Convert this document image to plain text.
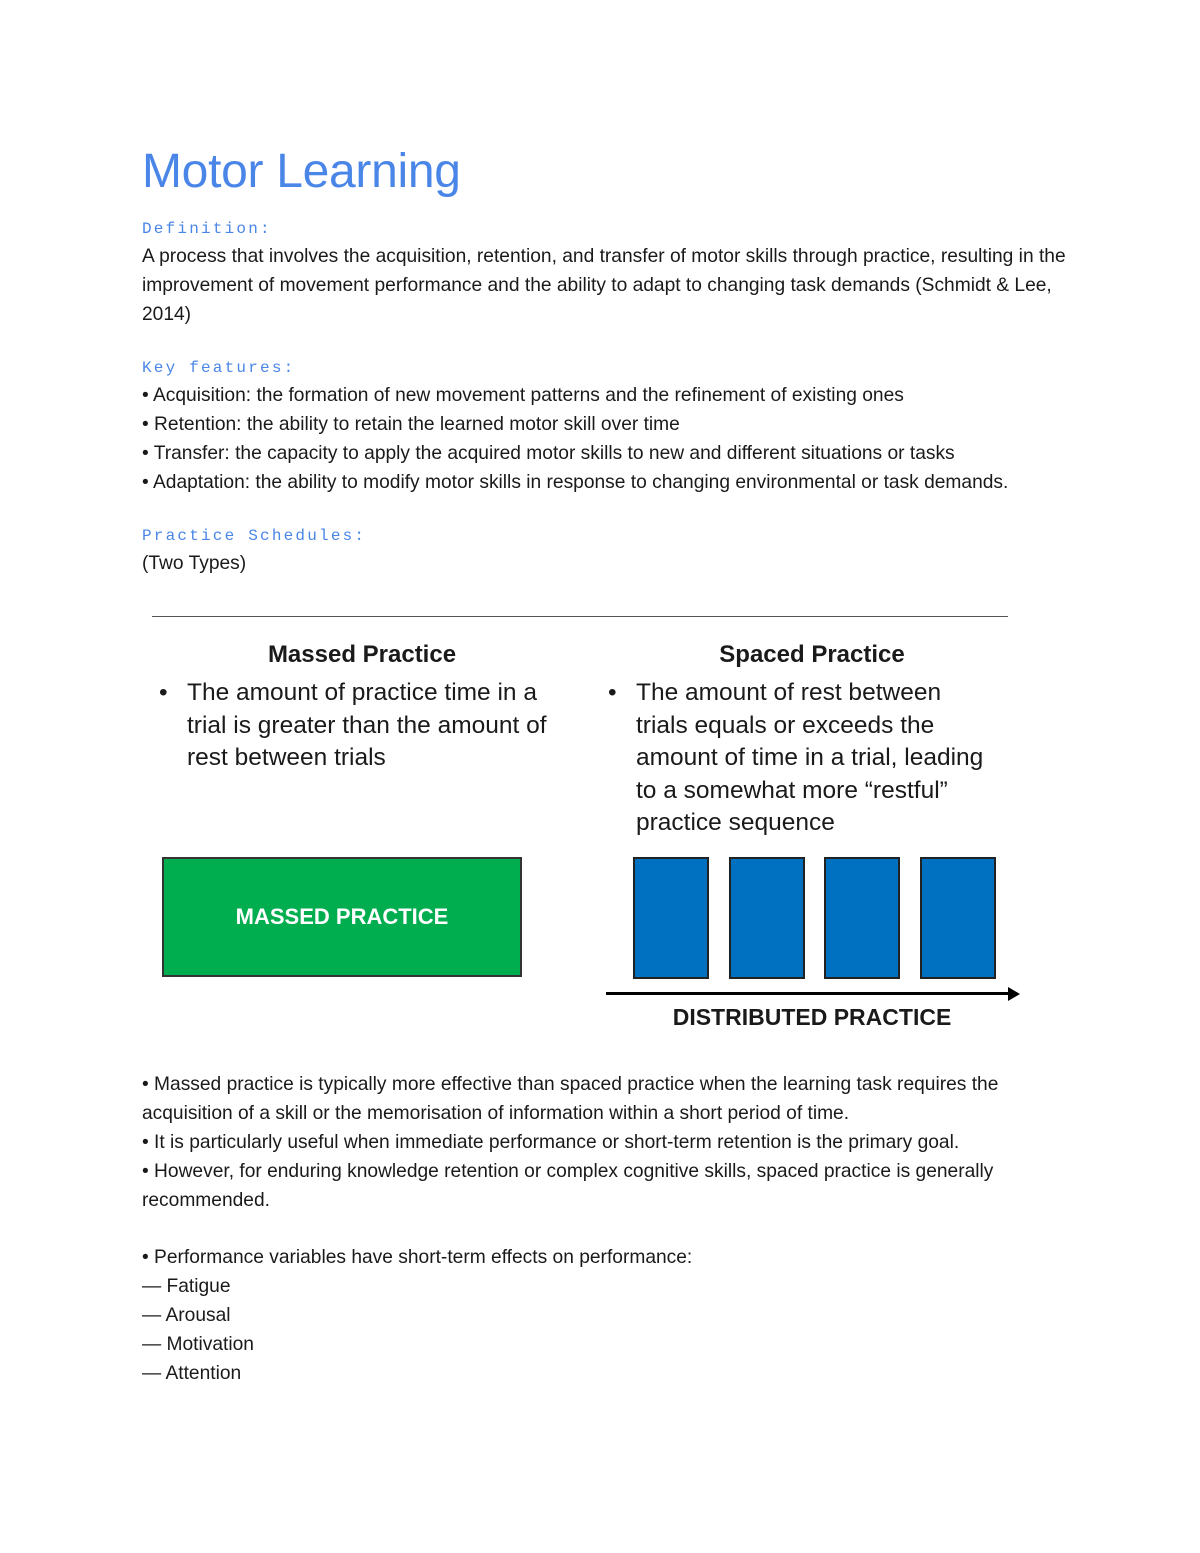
Motor Learning
Definition:

A process that involves the acquisition, retention, and transfer of motor skills through practice, resulting in the improvement of movement performance and the ability to adapt to changing task demands (Schmidt & Lee, 2014)

Key features:

• Acquisition: the formation of new movement patterns and the refinement of existing ones

• Retention: the ability to retain the learned motor skill over time

• Transfer: the capacity to apply the acquired motor skills to new and different situations or tasks

• Adaptation: the ability to modify motor skills in response to changing environmental or task demands.

Practice Schedules:

(Two Types)

Massed Practice
• The amount of practice time in a trial is greater than the amount of rest between trials
Spaced Practice
• The amount of rest between trials equals or exceeds the amount of time in a trial, leading to a somewhat more “restful” practice sequence
MASSED PRACTICE
DISTRIBUTED PRACTICE

• Massed practice is typically more effective than spaced practice when the learning task requires the acquisition of a skill or the memorisation of information within a short period of time.

• It is particularly useful when immediate performance or short-term retention is the primary goal.

• However, for enduring knowledge retention or complex cognitive skills, spaced practice is generally recommended.

• Performance variables have short-term effects on performance:

— Fatigue

— Arousal

— Motivation

— Attention
